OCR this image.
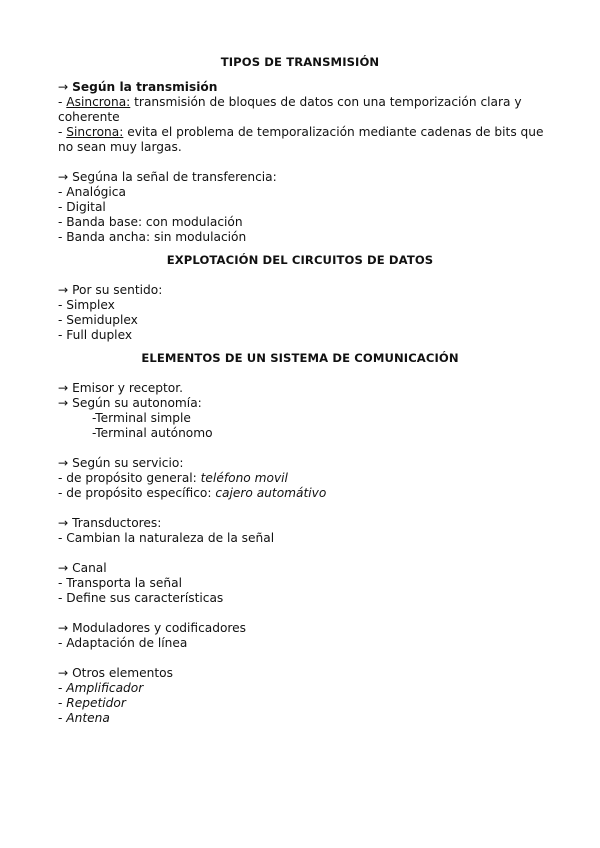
TIPOS DE TRANSMISIÓN

→ Según la transmisión

- Asincrona: transmisión de bloques de datos con una temporización clara y coherente

- Sincrona: evita el problema de temporalización mediante cadenas de bits que no sean muy largas.

→ Segúna la señal de transferencia:

- Analógica

- Digital

- Banda base: con modulación

- Banda ancha: sin modulación

EXPLOTACIÓN DEL CIRCUITOS DE DATOS

→ Por su sentido:

- Simplex

- Semiduplex

- Full duplex

ELEMENTOS DE UN SISTEMA DE COMUNICACIÓN

→ Emisor y receptor.

→ Según su autonomía:

-Terminal simple

-Terminal autónomo

→ Según su servicio:

- de propósito general: teléfono movil

- de propósito específico: cajero automátivo

→ Transductores:

- Cambian la naturaleza de la señal

→ Canal

- Transporta la señal

- Define sus características

→ Moduladores y codificadores

- Adaptación de línea

→ Otros elementos

- Amplificador

- Repetidor

- Antena
